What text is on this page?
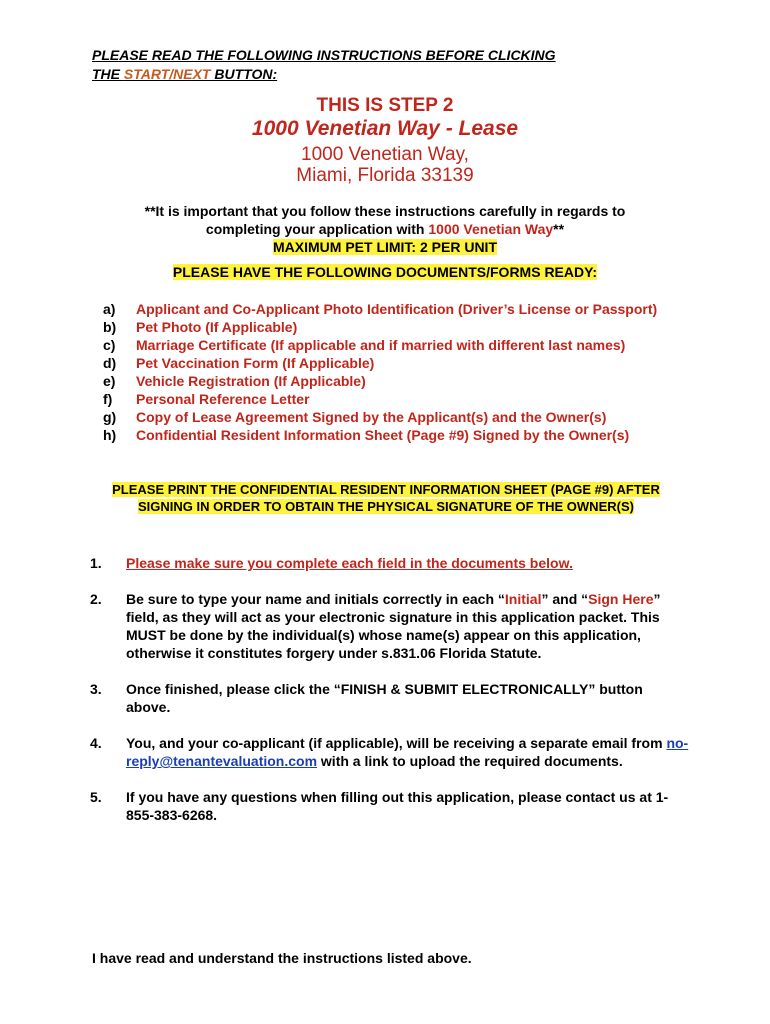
PLEASE READ THE FOLLOWING INSTRUCTIONS BEFORE CLICKING
THE START/NEXT BUTTON:
THIS IS STEP 2
1000 Venetian Way - Lease
1000 Venetian Way,
Miami, Florida 33139
**It is important that you follow these instructions carefully in regards to
completing your application with 1000 Venetian Way**
MAXIMUM PET LIMIT: 2 PER UNIT
PLEASE HAVE THE FOLLOWING DOCUMENTS/FORMS READY:
a) Applicant and Co-Applicant Photo Identification (Driver’s License or Passport)
b) Pet Photo (If Applicable)
c) Marriage Certificate (If applicable and if married with different last names)
d) Pet Vaccination Form (If Applicable)
e) Vehicle Registration (If Applicable)
f) Personal Reference Letter
g) Copy of Lease Agreement Signed by the Applicant(s) and the Owner(s)
h) Confidential Resident Information Sheet (Page #9) Signed by the Owner(s)
PLEASE PRINT THE CONFIDENTIAL RESIDENT INFORMATION SHEET (PAGE #9) AFTER
SIGNING IN ORDER TO OBTAIN THE PHYSICAL SIGNATURE OF THE OWNER(S)
1. Please make sure you complete each field in the documents below.
2. Be sure to type your name and initials correctly in each “Initial” and “Sign Here” field, as they will act as your electronic signature in this application packet. This MUST be done by the individual(s) whose name(s) appear on this application, otherwise it constitutes forgery under s.831.06 Florida Statute.
3. Once finished, please click the “FINISH & SUBMIT ELECTRONICALLY” button above.
4. You, and your co-applicant (if applicable), will be receiving a separate email from no-reply@tenantevaluation.com with a link to upload the required documents.
5. If you have any questions when filling out this application, please contact us at 1-855-383-6268.
I have read and understand the instructions listed above.
